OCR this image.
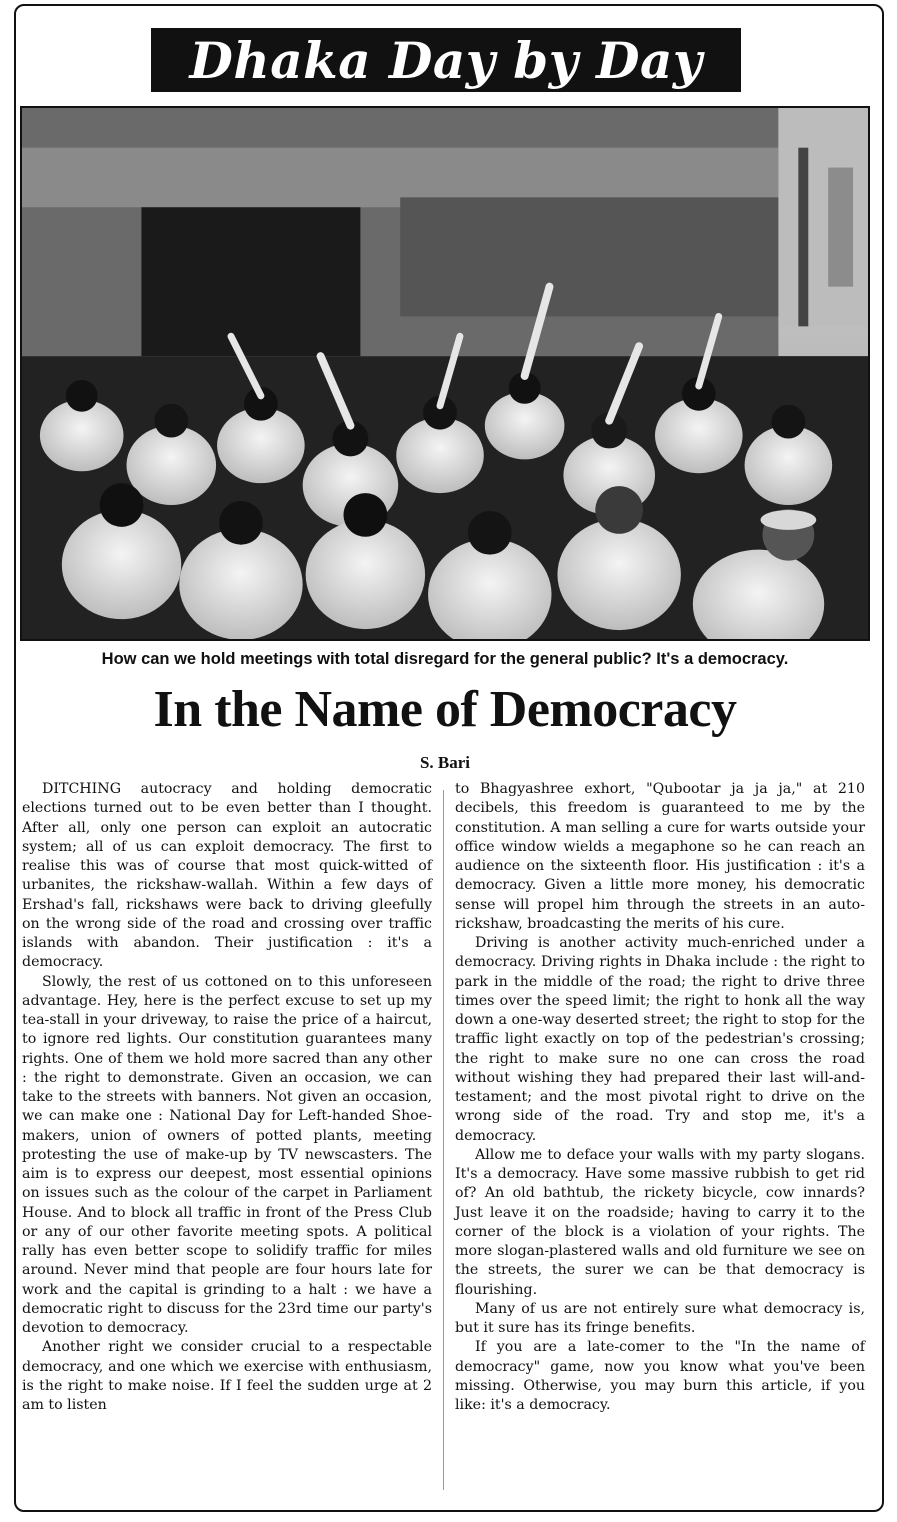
Dhaka Day by Day
How can we hold meetings with total disregard for the general public? It's a democracy.
In the Name of Democracy
S. Bari

DITCHING autocracy and holding democratic elections turned out to be even better than I thought. After all, only one person can exploit an autocratic system; all of us can exploit democracy. The first to realise this was of course that most quick-witted of urbanites, the rickshaw-wallah. Within a few days of Ershad's fall, rickshaws were back to driving gleefully on the wrong side of the road and crossing over traffic islands with abandon. Their justification : it's a democracy.

Slowly, the rest of us cottoned on to this unforeseen advantage. Hey, here is the perfect excuse to set up my tea-stall in your driveway, to raise the price of a haircut, to ignore red lights. Our constitution guarantees many rights. One of them we hold more sacred than any other : the right to demonstrate. Given an occasion, we can take to the streets with banners. Not given an occasion, we can make one : National Day for Left-handed Shoe-makers, union of owners of potted plants, meeting protesting the use of make-up by TV newscasters. The aim is to express our deepest, most essential opinions on issues such as the colour of the carpet in Parliament House. And to block all traffic in front of the Press Club or any of our other favorite meeting spots. A political rally has even better scope to solidify traffic for miles around. Never mind that people are four hours late for work and the capital is grinding to a halt : we have a democratic right to discuss for the 23rd time our party's devotion to democracy.

Another right we consider crucial to a respectable democracy, and one which we exercise with enthusiasm, is the right to make noise. If I feel the sudden urge at 2 am to listen

to Bhagyashree exhort, "Qubootar ja ja ja," at 210 decibels, this freedom is guaranteed to me by the constitution. A man selling a cure for warts outside your office window wields a megaphone so he can reach an audience on the sixteenth floor. His justification : it's a democracy. Given a little more money, his democratic sense will propel him through the streets in an auto-rickshaw, broadcasting the merits of his cure.

Driving is another activity much-enriched under a democracy. Driving rights in Dhaka include : the right to park in the middle of the road; the right to drive three times over the speed limit; the right to honk all the way down a one-way deserted street; the right to stop for the traffic light exactly on top of the pedestrian's crossing; the right to make sure no one can cross the road without wishing they had prepared their last will-and-testament; and the most pivotal right to drive on the wrong side of the road. Try and stop me, it's a democracy.

Allow me to deface your walls with my party slogans. It's a democracy. Have some massive rubbish to get rid of? An old bathtub, the rickety bicycle, cow innards? Just leave it on the roadside; having to carry it to the corner of the block is a violation of your rights. The more slogan-plastered walls and old furniture we see on the streets, the surer we can be that democracy is flourishing.

Many of us are not entirely sure what democracy is, but it sure has its fringe benefits.

If you are a late-comer to the "In the name of democracy" game, now you know what you've been missing. Otherwise, you may burn this article, if you like: it's a democracy.
